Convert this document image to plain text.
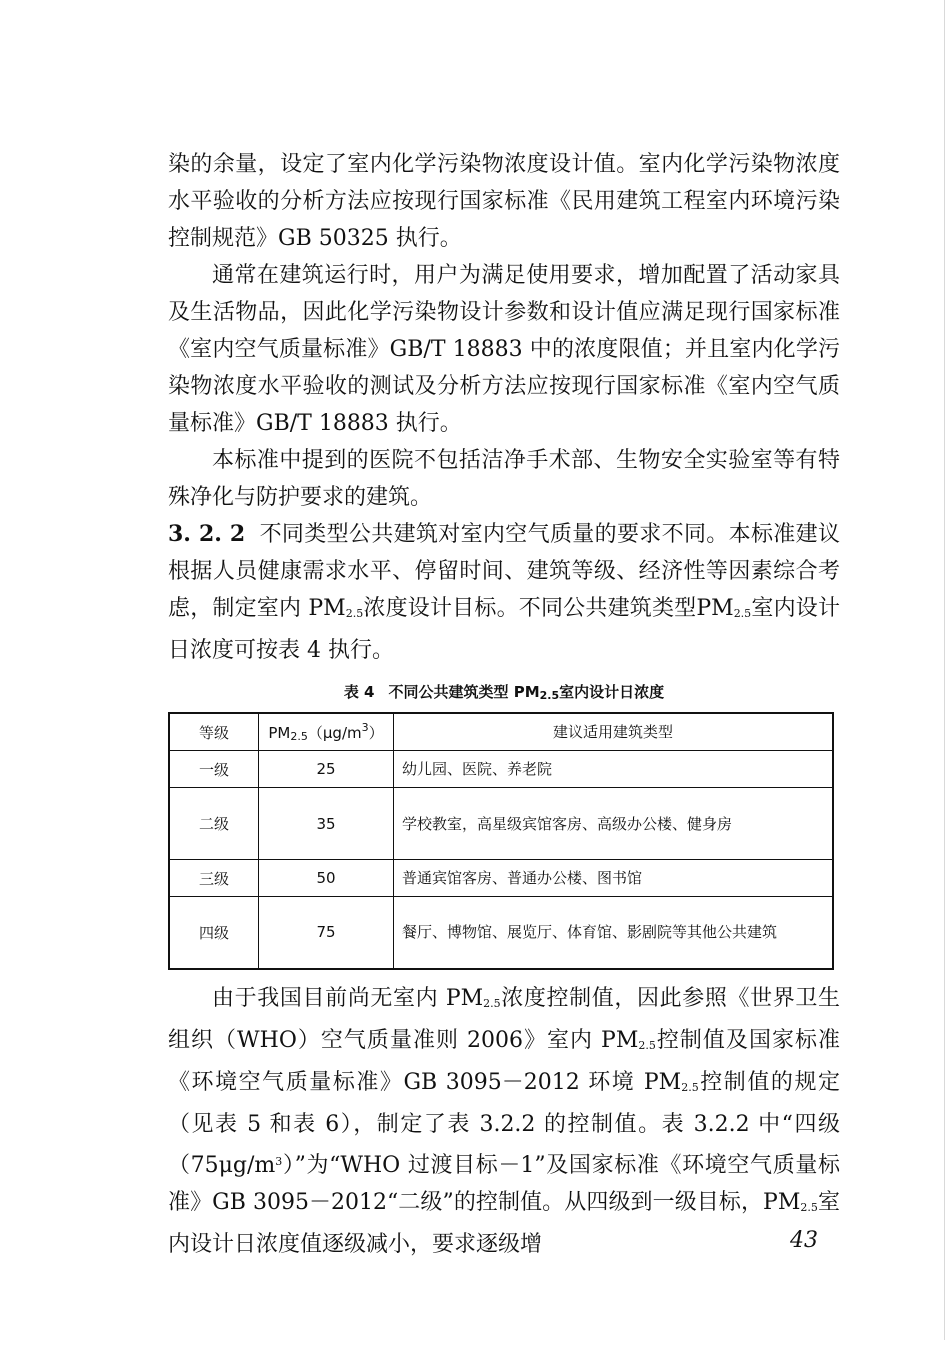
染的余量，设定了室内化学污染物浓度设计值。室内化学污染物浓度水平验收的分析方法应按现行国家标准《民用建筑工程室内环境污染控制规范》GB 50325 执行。

通常在建筑运行时，用户为满足使用要求，增加配置了活动家具及生活物品，因此化学污染物设计参数和设计值应满足现行国家标准《室内空气质量标准》GB/T 18883 中的浓度限值；并且室内化学污染物浓度水平验收的测试及分析方法应按现行国家标准《室内空气质量标准》GB/T 18883 执行。

本标准中提到的医院不包括洁净手术部、生物安全实验室等有特殊净化与防护要求的建筑。

3. 2. 2 不同类型公共建筑对室内空气质量的要求不同。本标准建议根据人员健康需求水平、停留时间、建筑等级、经济性等因素综合考虑，制定室内 PM2.5浓度设计目标。不同公共建筑类型PM2.5室内设计日浓度可按表 4 执行。

表 4 不同公共建筑类型 PM2.5室内设计日浓度
等级	$PM2.5(\mu g/m^3)$	建议适用建筑类型
一级	25	幼儿园、医院、养老院
二级	35	学校教室，高星级宾馆客房、高级办公楼、健身房
三级	50	普通宾馆客房、普通办公楼、图书馆
四级	75	餐厅、博物馆、展览厅、体育馆、影剧院等其他公共建筑

由于我国目前尚无室内 PM2.5浓度控制值，因此参照《世界卫生组织（WHO）空气质量准则 2006》室内 PM2.5控制值及国家标准《环境空气质量标准》GB 3095－2012 环境 PM2.5控制值的规定（见表 5 和表 6），制定了表 3.2.2 的控制值。表 3.2.2 中“四级$(75\mu g/m^3)$”为“WHO 过渡目标－1”及国家标准《环境空气质量标准》GB 3095－2012“二级”的控制值。从四级到一级目标，PM2.5室内设计日浓度值逐级减小，要求逐级增	43
